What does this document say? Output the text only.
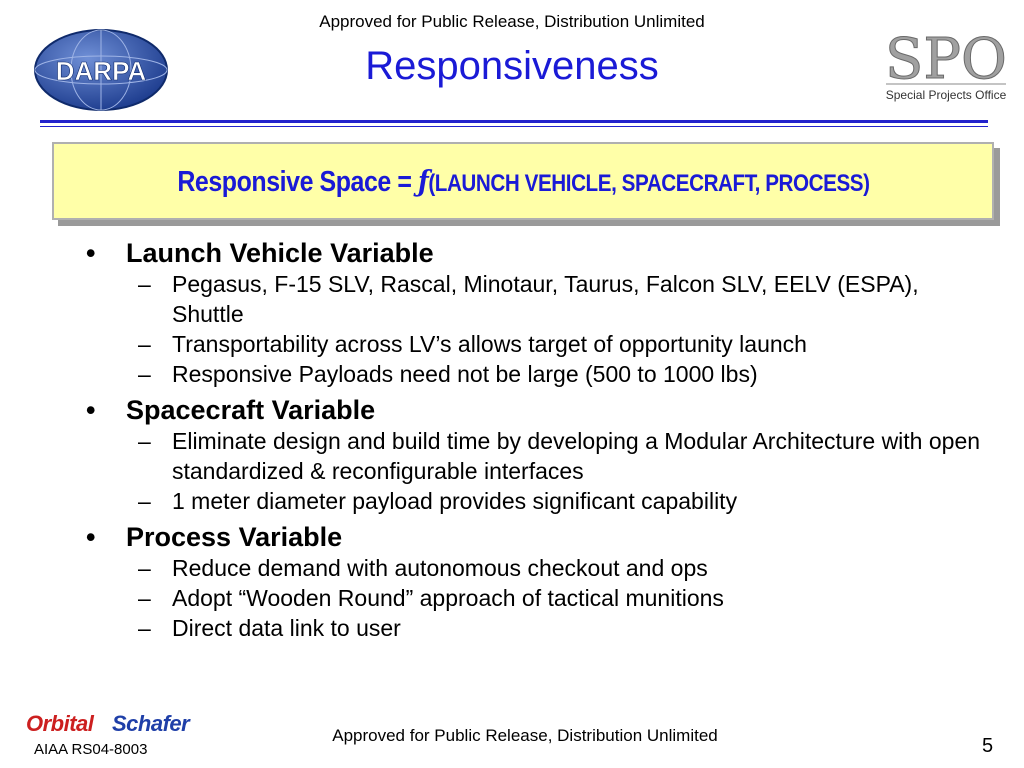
Approved for Public Release, Distribution Unlimited
Responsiveness
DARPA	SPO
Special Projects Office
Responsive Space = ƒ(LAUNCH VEHICLE, SPACECRAFT, PROCESS)
• Launch Vehicle Variable
– Pegasus, F-15 SLV, Rascal, Minotaur, Taurus, Falcon SLV, EELV (ESPA), Shuttle
– Transportability across LV’s allows target of opportunity launch
– Responsive Payloads need not be large (500 to 1000 lbs)
• Spacecraft Variable
– Eliminate design and build time by developing a Modular Architecture with open standardized & reconfigurable interfaces
– 1 meter diameter payload provides significant capability
• Process Variable
– Reduce demand with autonomous checkout and ops
– Adopt “Wooden Round” approach of tactical munitions
– Direct data link to user
Orbital Schafer
AIAA RS04-8003
Approved for Public Release, Distribution Unlimited	5
